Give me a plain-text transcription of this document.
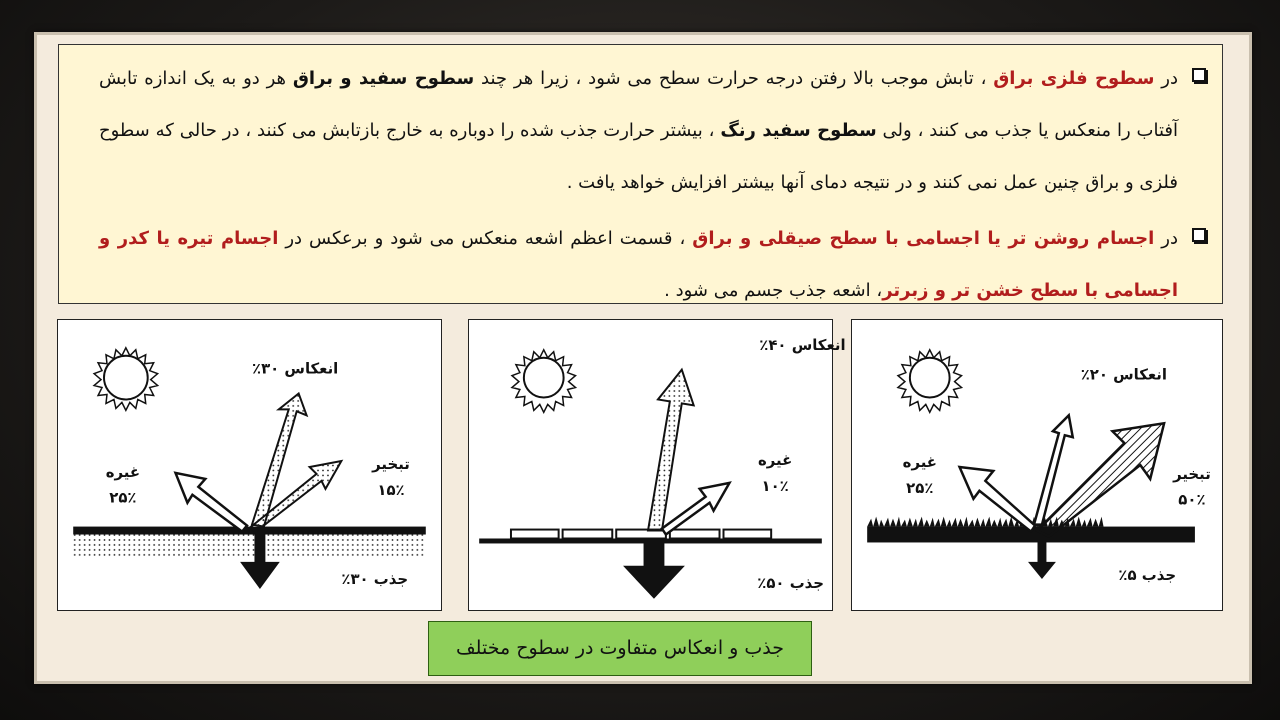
در سطوح فلزی براق ، تابش موجب بالا رفتن درجه حرارت سطح می شود ، زیرا هر چند سطوح سفید و براق هر دو به یک اندازه تابش آفتاب را منعکس یا جذب می کنند ، ولی سطوح سفید رنگ ، بیشتر حرارت جذب شده را دوباره به خارج بازتابش می کنند ، در حالی که سطوح فلزی و براق چنین عمل نمی کنند و در نتیجه دمای آنها بیشتر افزایش خواهد یافت .
در اجسام روشن تر یا اجسامی با سطح صیقلی و براق ، قسمت اعظم اشعه منعکس می شود و برعکس در اجسام تیره یا کدر و اجسامی با سطح خشن تر و زبرتر، اشعه جذب جسم می شود .
انعکاس ۳۰٪
غیره
۲۵٪
تبخیر
۱۵٪
جذب ۳۰٪
انعکاس ۴۰٪
غیره
۱۰٪
جذب ۵۰٪
انعکاس ۲۰٪
غیره
۲۵٪
تبخیر
۵۰٪
جذب ۵٪
جذب و انعکاس متفاوت در سطوح مختلف
